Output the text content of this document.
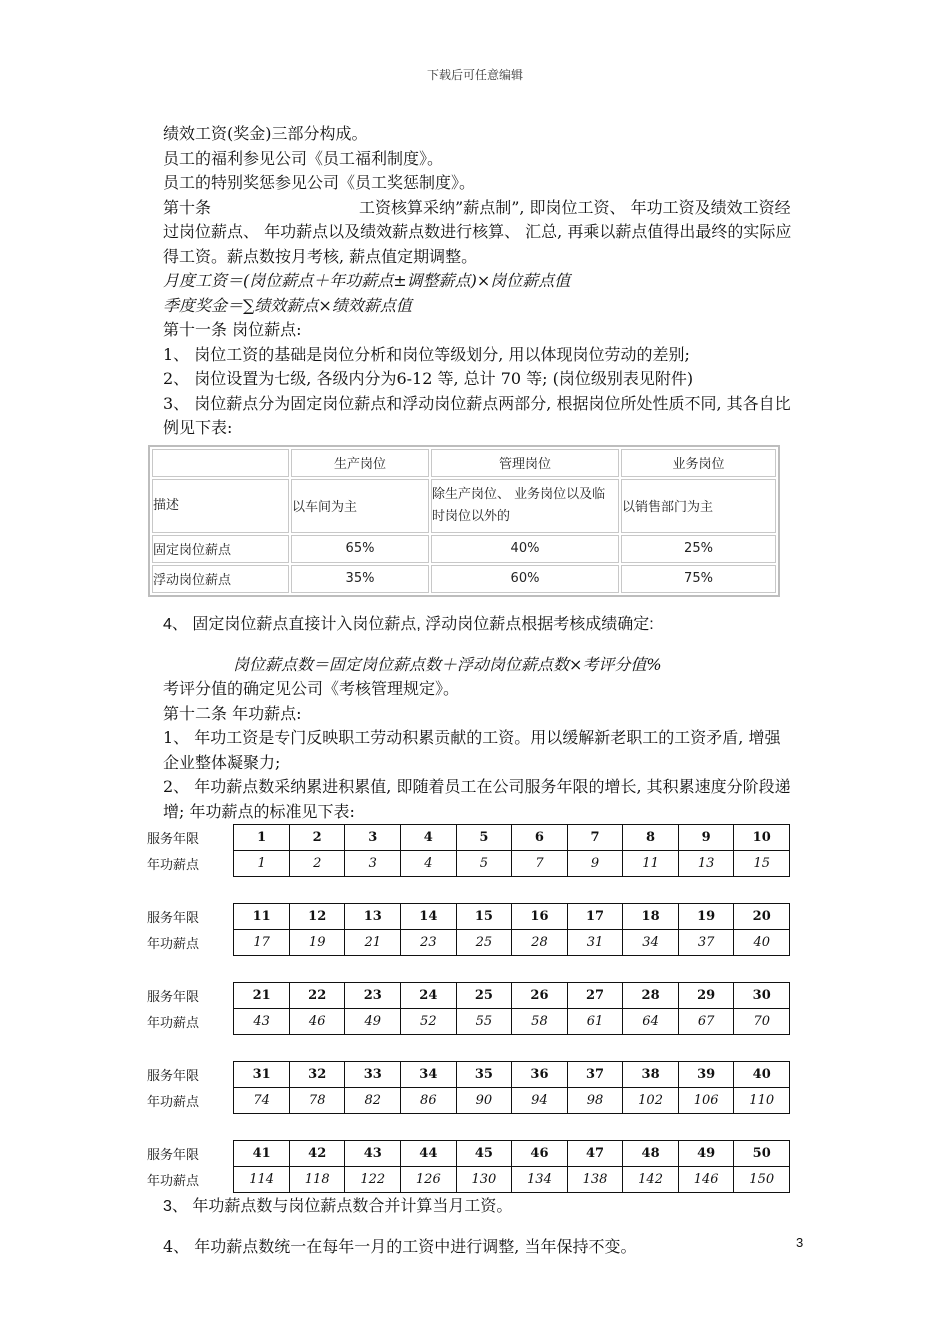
下载后可任意编辑

绩效工资(奖金)三部分构成。

员工的福利参见公司《员工福利制度》。

员工的特别奖惩参见公司《员工奖惩制度》。

第十条	工资核算采纳”薪点制”, 即岗位工资、 年功工资及绩效工资经过岗位薪点、 年功薪点以及绩效薪点数进行核算、 汇总, 再乘以薪点值得出最终的实际应得工资。薪点数按月考核, 薪点值定期调整。

月度工资＝(岗位薪点＋年功薪点±调整薪点)×岗位薪点值

季度奖金＝∑绩效薪点×绩效薪点值

第十一条 岗位薪点:

1、 岗位工资的基础是岗位分析和岗位等级划分, 用以体现岗位劳动的差别;

2、 岗位设置为七级, 各级内分为6-12 等, 总计 70 等; (岗位级别表见附件)

3、 岗位薪点分为固定岗位薪点和浮动岗位薪点两部分, 根据岗位所处性质不同, 其各自比例见下表:

	生产岗位	管理岗位	业务岗位
描述	以车间为主	除生产岗位、 业务岗位以及临时岗位以外的	以销售部门为主
固定岗位薪点	65%	40%	25%
浮动岗位薪点	35%	60%	75%

4、 固定岗位薪点直接计入岗位薪点, 浮动岗位薪点根据考核成绩确定:

岗位薪点数＝固定岗位薪点数＋浮动岗位薪点数×考评分值%

考评分值的确定见公司《考核管理规定》。

第十二条 年功薪点:

1、 年功工资是专门反映职工劳动积累贡献的工资。用以缓解新老职工的工资矛盾, 增强企业整体凝聚力;

2、 年功薪点数采纳累进积累值, 即随着员工在公司服务年限的增长, 其积累速度分阶段递增; 年功薪点的标准见下表:

服务年限	1	2	3	4	5	6	7	8	9	10
年功薪点	1	2	3	4	5	7	9	11	13	15
服务年限	11	12	13	14	15	16	17	18	19	20
年功薪点	17	19	21	23	25	28	31	34	37	40
服务年限	21	22	23	24	25	26	27	28	29	30
年功薪点	43	46	49	52	55	58	61	64	67	70
服务年限	31	32	33	34	35	36	37	38	39	40
年功薪点	74	78	82	86	90	94	98	102	106	110
服务年限	41	42	43	44	45	46	47	48	49	50
年功薪点	114	118	122	126	130	134	138	142	146	150

3、 年功薪点数与岗位薪点数合并计算当月工资。

4、 年功薪点数统一在每年一月的工资中进行调整, 当年保持不变。	3
